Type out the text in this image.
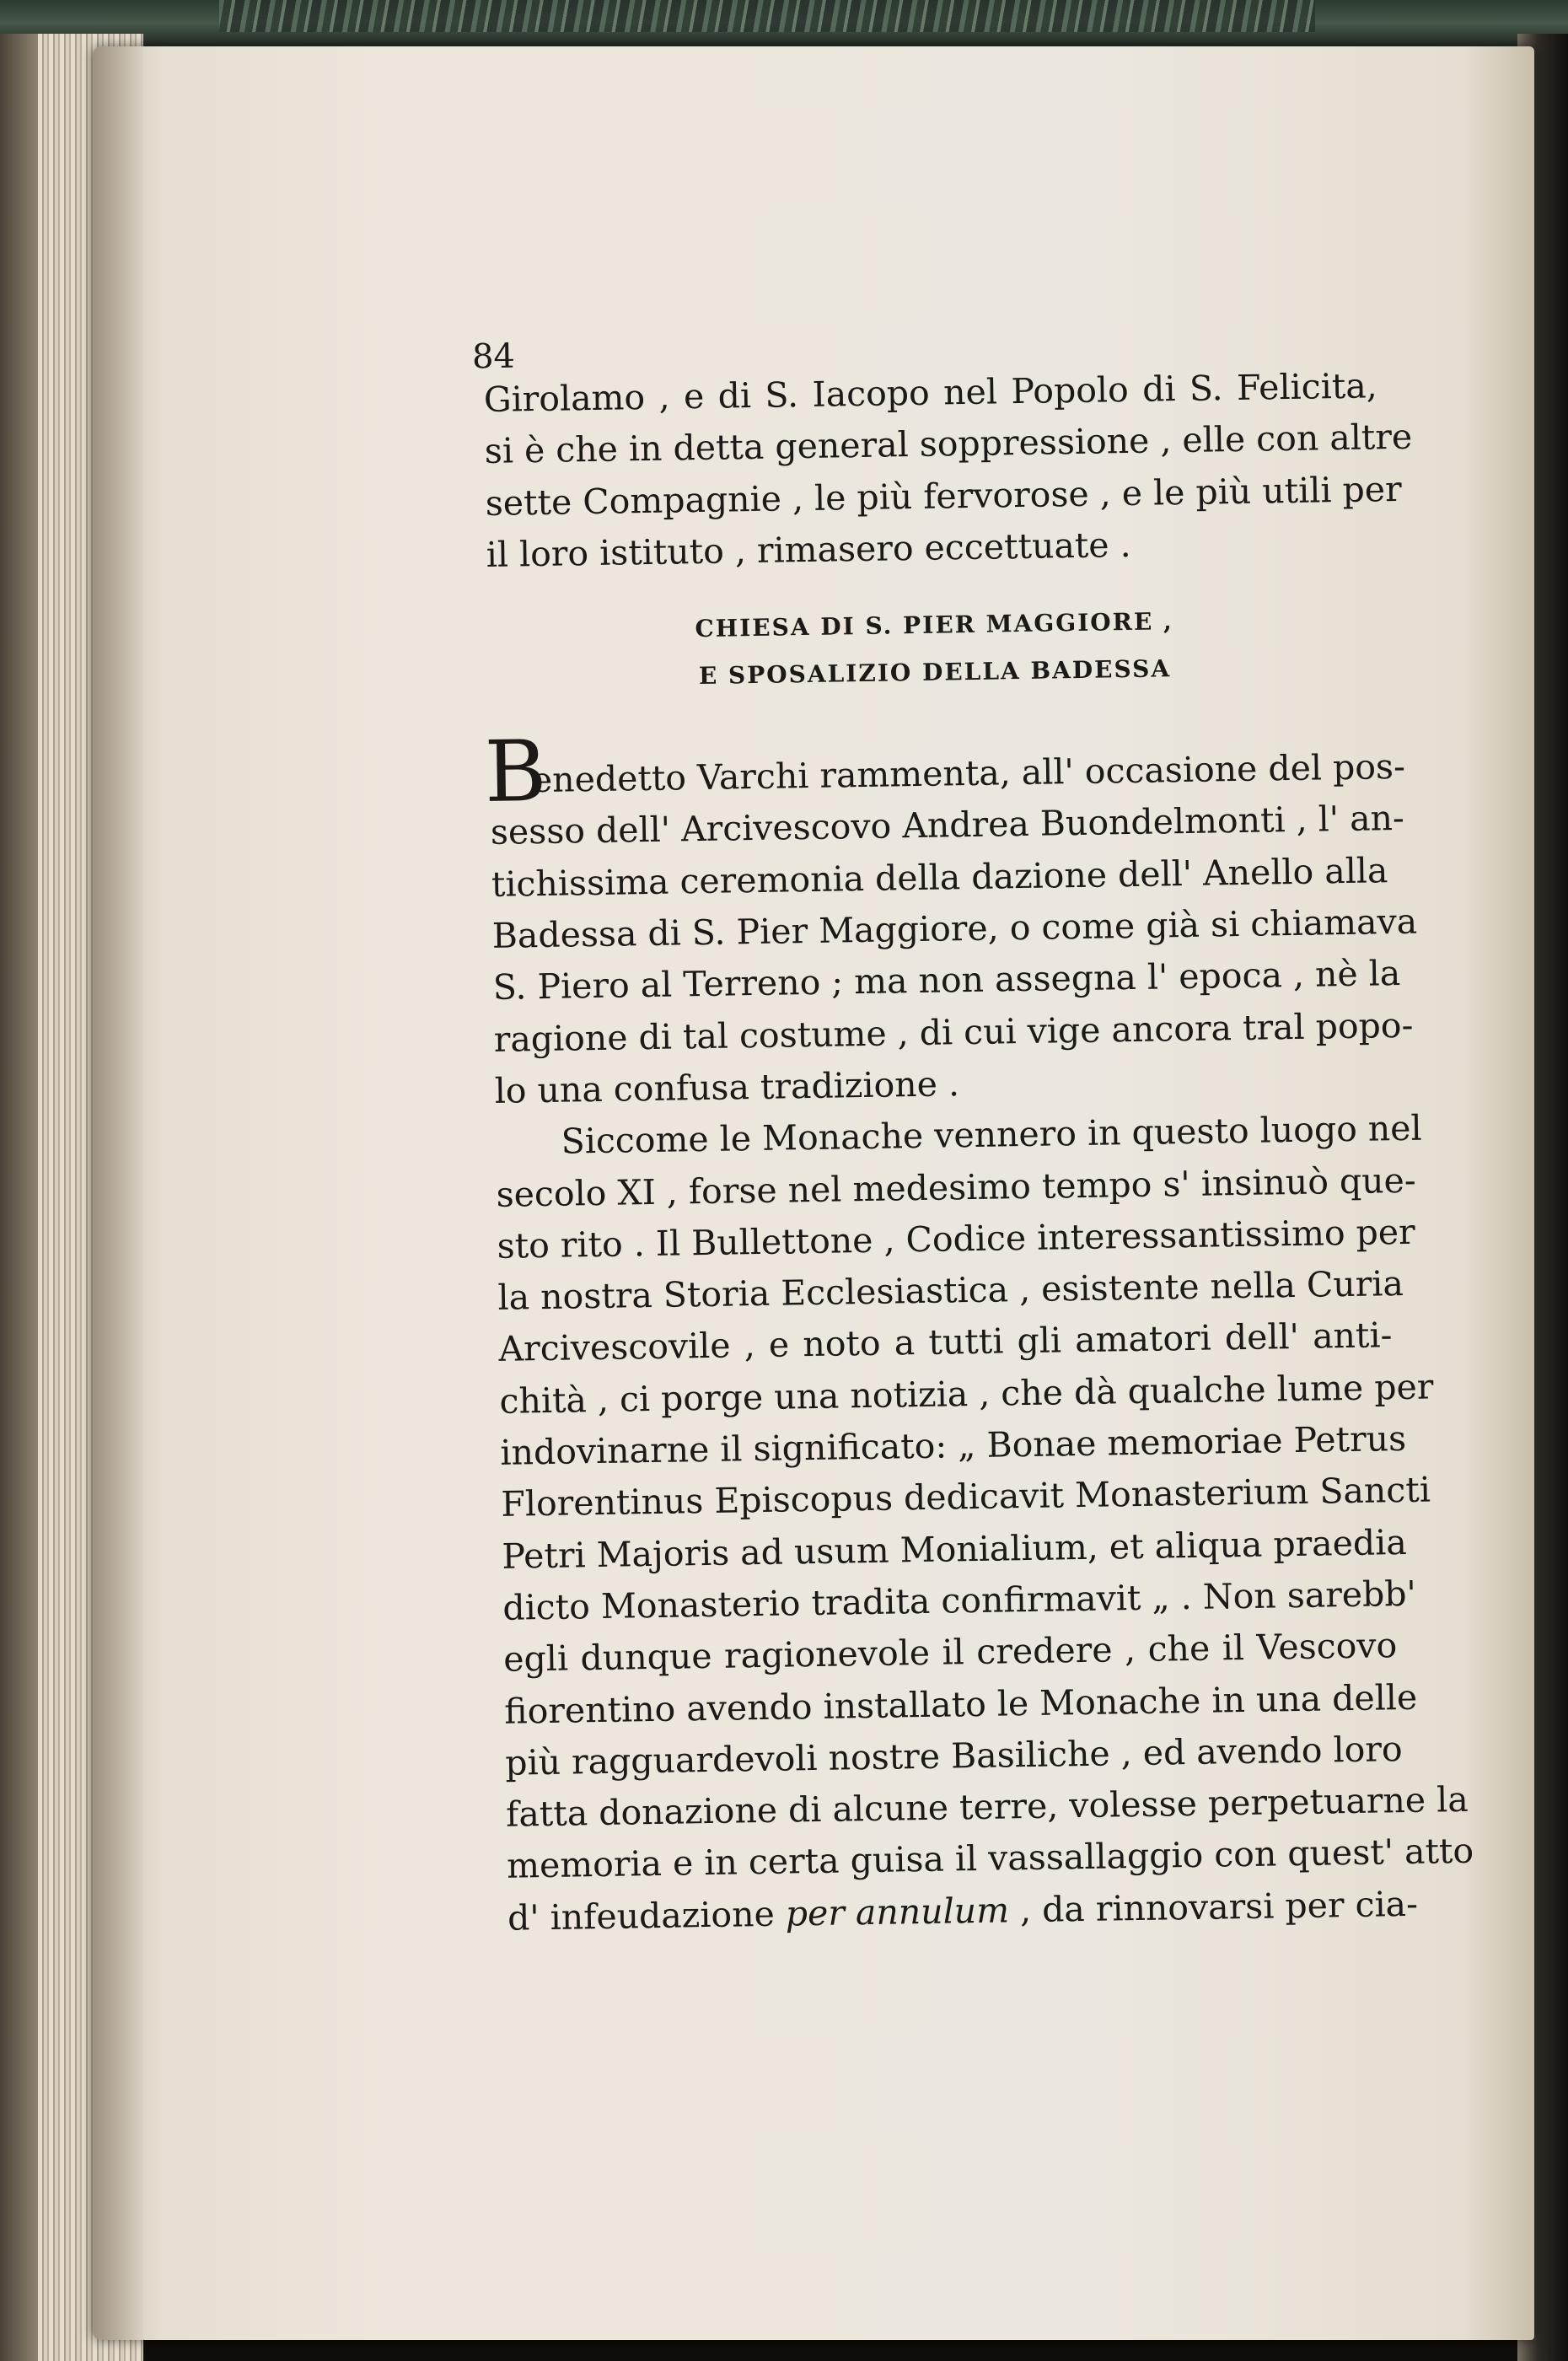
84
Girolamo , e di S. Iacopo nel Popolo di S. Felicita,
si è che in detta general soppressione , elle con altre
sette Compagnie , le più fervorose , e le più utili per
il loro istituto , rimasero eccettuate .
CHIESA DI S. PIER MAGGIORE ,
E SPOSALIZIO DELLA BADESSA
B
enedetto Varchi rammenta, all' occasione del pos-
sesso dell' Arcivescovo Andrea Buondelmonti , l' an-
tichissima ceremonia della dazione dell' Anello alla
Badessa di S. Pier Maggiore, o come già si chiamava
S. Piero al Terreno ; ma non assegna l' epoca , nè la
ragione di tal costume , di cui vige ancora tral popo-
lo una confusa tradizione .
Siccome le Monache vennero in questo luogo nel
secolo XI , forse nel medesimo tempo s' insinuò que-
sto rito . Il Bullettone , Codice interessantissimo per
la nostra Storia Ecclesiastica , esistente nella Curia
Arcivescovile , e noto a tutti gli amatori dell' anti-
chità , ci porge una notizia , che dà qualche lume per
indovinarne il significato: „ Bonae memoriae Petrus
Florentinus Episcopus dedicavit Monasterium Sancti
Petri Majoris ad usum Monialium, et aliqua praedia
dicto Monasterio tradita confirmavit „ . Non sarebb'
egli dunque ragionevole il credere , che il Vescovo
fiorentino avendo installato le Monache in una delle
più ragguardevoli nostre Basiliche , ed avendo loro
fatta donazione di alcune terre, volesse perpetuarne la
memoria e in certa guisa il vassallaggio con quest' atto
d' infeudazione per annulum , da rinnovarsi per cia-
